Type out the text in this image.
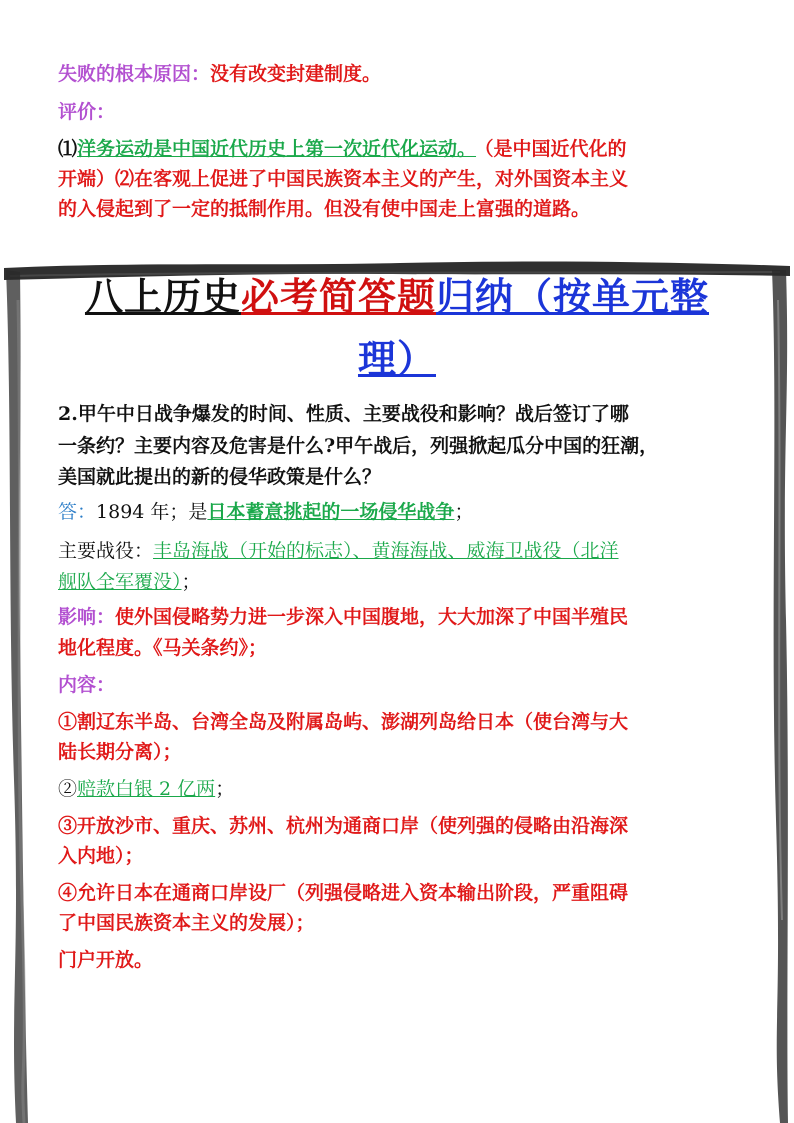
失败的根本原因：没有改变封建制度。
评价：
⑴洋务运动是中国近代历史上第一次近代化运动。 （是中国近代化的
开端）⑵在客观上促进了中国民族资本主义的产生，对外国资本主义
的入侵起到了一定的抵制作用。但没有使中国走上富强的道路。
八上历史必考简答题归纳（按单元整
理）
2.甲午中日战争爆发的时间、性质、主要战役和影响？战后签订了哪
一条约？主要内容及危害是什么?甲午战后，列强掀起瓜分中国的狂潮，
美国就此提出的新的侵华政策是什么？
答：1894 年；是日本蓄意挑起的一场侵华战争；
主要战役：丰岛海战（开始的标志）、黄海海战、威海卫战役（北洋
舰队全军覆没）；
影响：使外国侵略势力进一步深入中国腹地，大大加深了中国半殖民
地化程度。《马关条约》；
内容：
①割辽东半岛、台湾全岛及附属岛屿、澎湖列岛给日本（使台湾与大
陆长期分离）；
②赔款白银 2 亿两；
③开放沙市、重庆、苏州、杭州为通商口岸（使列强的侵略由沿海深
入内地）；
④允许日本在通商口岸设厂（列强侵略进入资本输出阶段，严重阻碍
了中国民族资本主义的发展）；
门户开放。
